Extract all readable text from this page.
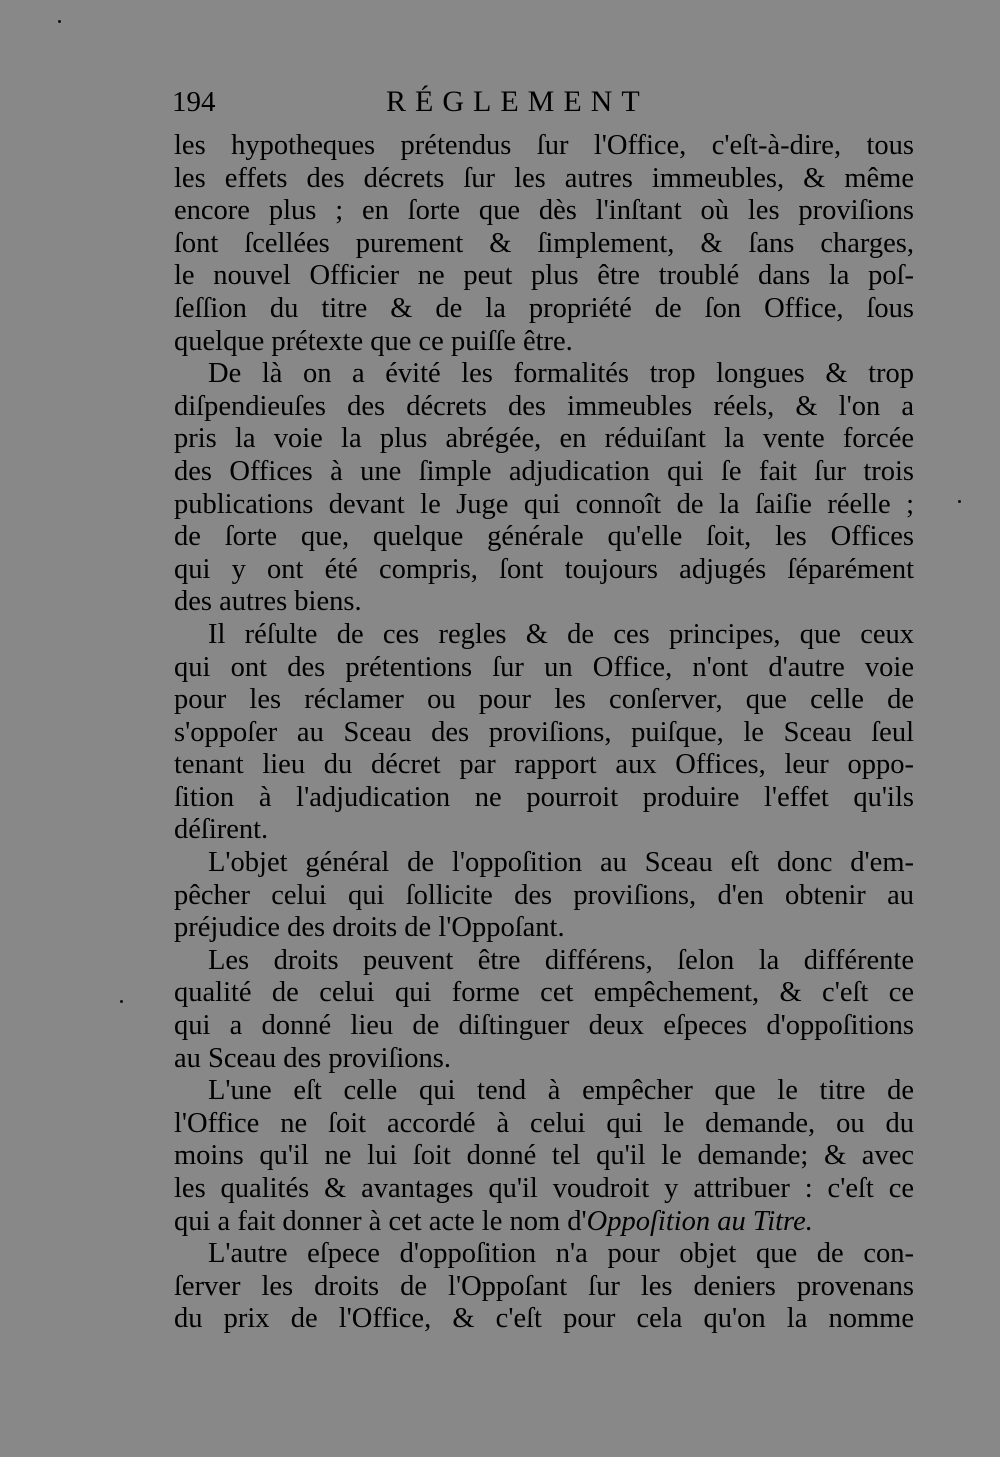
194	RÉGLEMENT
les hypotheques prétendus ſur l'Office, c'eſt-à-dire, tous
les effets des décrets ſur les autres immeubles, & même
encore plus ; en ſorte que dès l'inſtant où les proviſions
ſont ſcellées purement & ſimplement, & ſans charges,
le nouvel Officier ne peut plus être troublé dans la poſ-
ſeſſion du titre & de la propriété de ſon Office, ſous
quelque prétexte que ce puiſſe être.
De là on a évité les formalités trop longues & trop
diſpendieuſes des décrets des immeubles réels, & l'on a
pris la voie la plus abrégée, en réduiſant la vente forcée
des Offices à une ſimple adjudication qui ſe fait ſur trois
publications devant le Juge qui connoît de la ſaiſie réelle ;
de ſorte que, quelque générale qu'elle ſoit, les Offices
qui y ont été compris, ſont toujours adjugés ſéparément
des autres biens.
Il réſulte de ces regles & de ces principes, que ceux
qui ont des prétentions ſur un Office, n'ont d'autre voie
pour les réclamer ou pour les conſerver, que celle de
s'oppoſer au Sceau des proviſions, puiſque, le Sceau ſeul
tenant lieu du décret par rapport aux Offices, leur oppo-
ſition à l'adjudication ne pourroit produire l'effet qu'ils
déſirent.
L'objet général de l'oppoſition au Sceau eſt donc d'em-
pêcher celui qui ſollicite des proviſions, d'en obtenir au
préjudice des droits de l'Oppoſant.
Les droits peuvent être différens, ſelon la différente
qualité de celui qui forme cet empêchement, & c'eſt ce
qui a donné lieu de diſtinguer deux eſpeces d'oppoſitions
au Sceau des proviſions.
L'une eſt celle qui tend à empêcher que le titre de
l'Office ne ſoit accordé à celui qui le demande, ou du
moins qu'il ne lui ſoit donné tel qu'il le demande; & avec
les qualités & avantages qu'il voudroit y attribuer : c'eſt ce
qui a fait donner à cet acte le nom d'Oppoſition au Titre.
L'autre eſpece d'oppoſition n'a pour objet que de con-
ſerver les droits de l'Oppoſant ſur les deniers provenans
du prix de l'Office, & c'eſt pour cela qu'on la nomme
